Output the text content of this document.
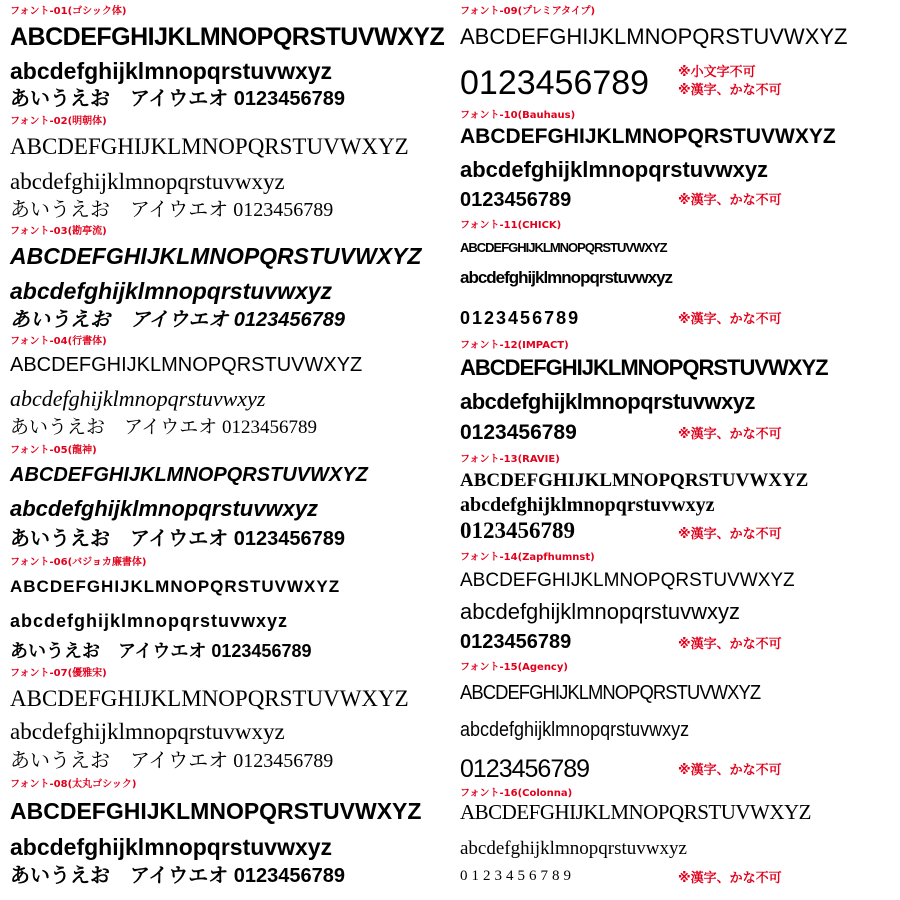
フォント-01(ゴシック体)
ABCDEFGHIJKLMNOPQRSTUVWXYZ
abcdefghijklmnopqrstuvwxyz
あいうえお　アイウエオ 0123456789
フォント-02(明朝体)
ABCDEFGHIJKLMNOPQRSTUVWXYZ
abcdefghijklmnopqrstuvwxyz
あいうえお　アイウエオ 0123456789
フォント-03(勘亭流)
ABCDEFGHIJKLMNOPQRSTUVWXYZ
abcdefghijklmnopqrstuvwxyz
あいうえお　アイウエオ 0123456789
フォント-04(行書体)
ABCDEFGHIJKLMNOPQRSTUVWXYZ
abcdefghijklmnopqrstuvwxyz
あいうえお　アイウエオ 0123456789
フォント-05(龍神)
ABCDEFGHIJKLMNOPQRSTUVWXYZ
abcdefghijklmnopqrstuvwxyz
あいうえお　アイウエオ 0123456789
フォント-06(バジョカ廉書体)
ABCDEFGHIJKLMNOPQRSTUVWXYZ
abcdefghijklmnopqrstuvwxyz
あいうえお　アイウエオ 0123456789
フォント-07(優雅宋)
ABCDEFGHIJKLMNOPQRSTUVWXYZ
abcdefghijklmnopqrstuvwxyz
あいうえお　アイウエオ 0123456789
フォント-08(太丸ゴシック)
ABCDEFGHIJKLMNOPQRSTUVWXYZ
abcdefghijklmnopqrstuvwxyz
あいうえお　アイウエオ 0123456789
フォント-09(プレミアタイプ)
ABCDEFGHIJKLMNOPQRSTUVWXYZ
0123456789 ※小文字不可
※漢字、かな不可
フォント-10(Bauhaus)
ABCDEFGHIJKLMNOPQRSTUVWXYZ
abcdefghijklmnopqrstuvwxyz
0123456789	※漢字、かな不可
フォント-11(CHICK)
ABCDEFGHIJKLMNOPQRSTUVWXYZ
abcdefghijklmnopqrstuvwxyz
0123456789	※漢字、かな不可
フォント-12(IMPACT)
ABCDEFGHIJKLMNOPQRSTUVWXYZ
abcdefghijklmnopqrstuvwxyz
0123456789	※漢字、かな不可
フォント-13(RAVIE)
ABCDEFGHIJKLMNOPQRSTUVWXYZ
abcdefghijklmnopqrstuvwxyz
0123456789	※漢字、かな不可
フォント-14(Zapfhumnst)
ABCDEFGHIJKLMNOPQRSTUVWXYZ
abcdefghijklmnopqrstuvwxyz
0123456789	※漢字、かな不可
フォント-15(Agency)
ABCDEFGHIJKLMNOPQRSTUVWXYZ
abcdefghijklmnopqrstuvwxyz
0123456789	※漢字、かな不可
フォント-16(Colonna)
ABCDEFGHIJKLMNOPQRSTUVWXYZ
abcdefghijklmnopqrstuvwxyz
0123456789	※漢字、かな不可
